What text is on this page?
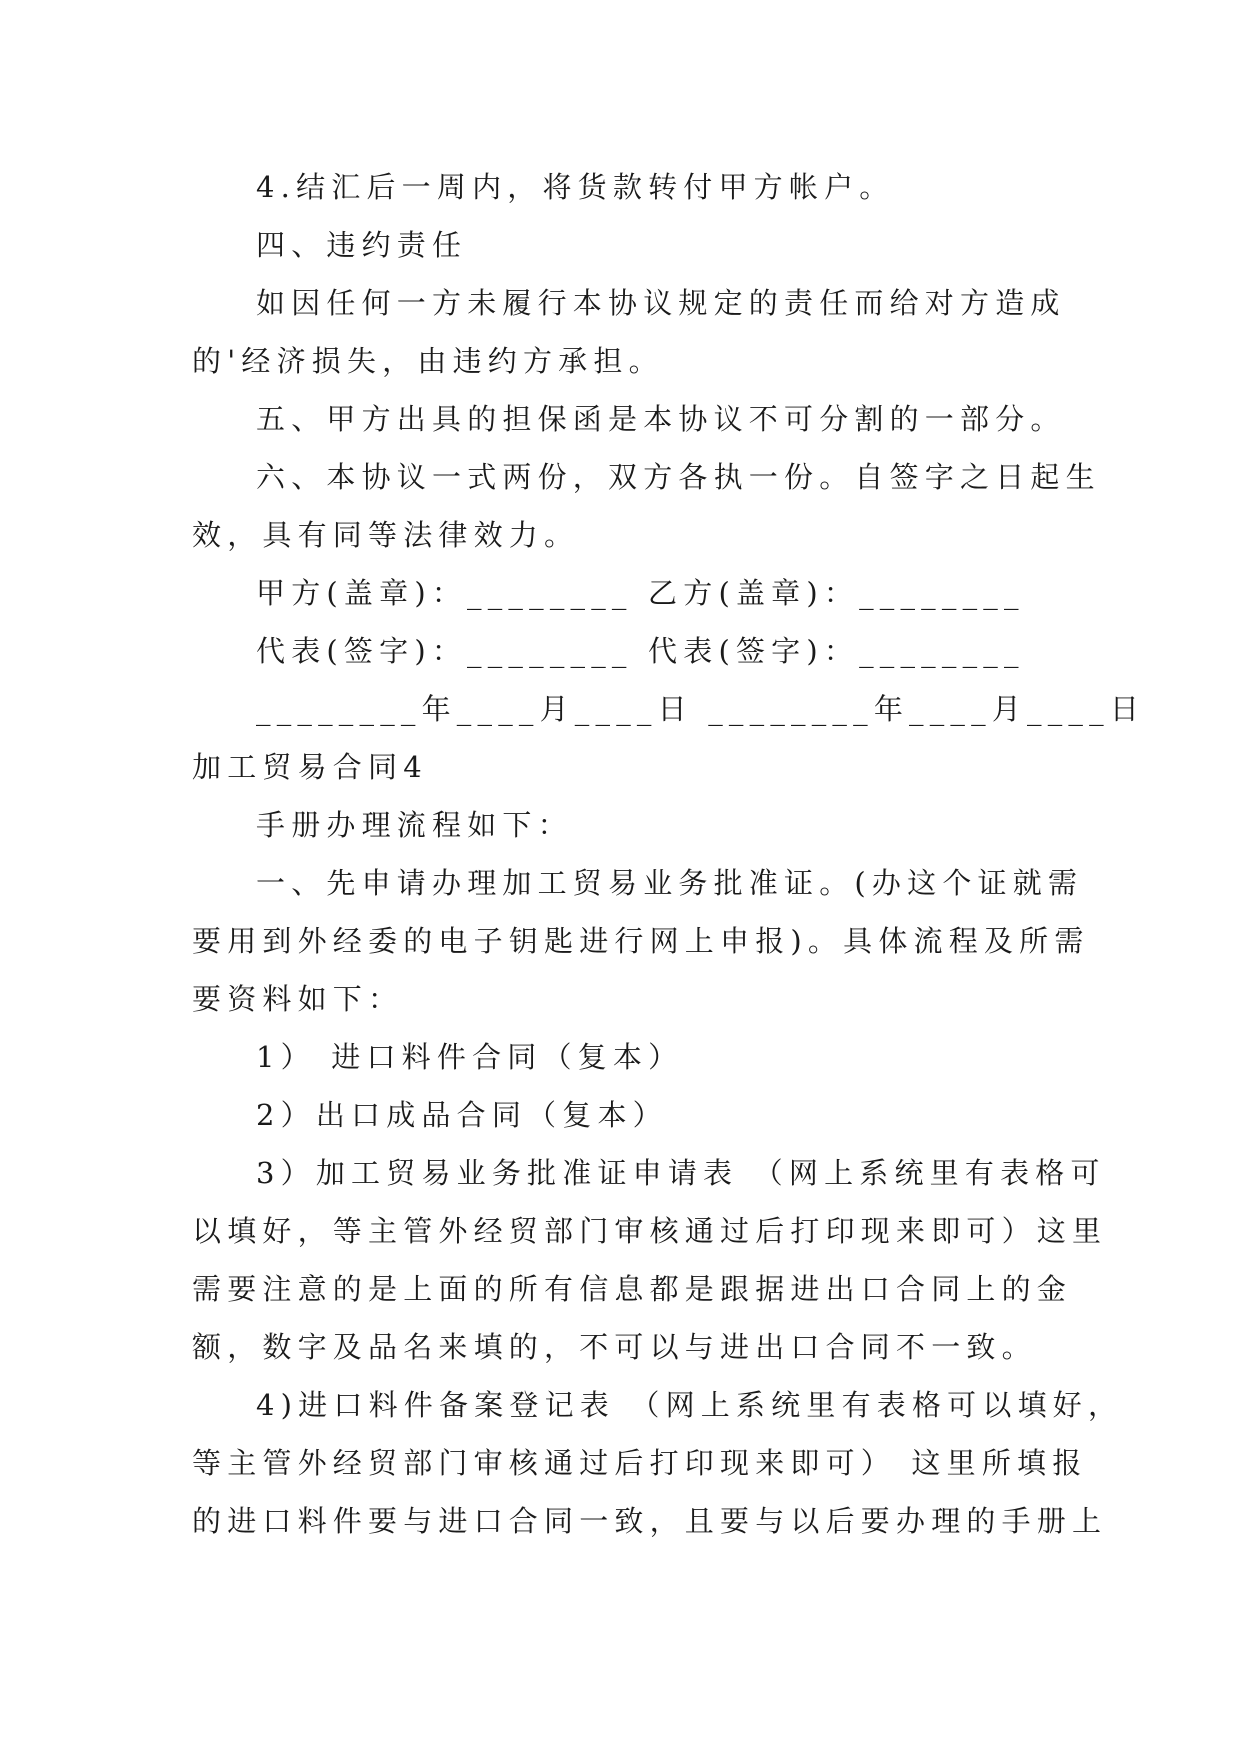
4.结汇后一周内，将货款转付甲方帐户。
四、违约责任
如因任何一方未履行本协议规定的责任而给对方造成
的'经济损失，由违约方承担。
五、甲方出具的担保函是本协议不可分割的一部分。
六、本协议一式两份，双方各执一份。自签字之日起生
效，具有同等法律效力。
甲方(盖章)：________ 乙方(盖章)：________
代表(签字)：________ 代表(签字)：________
________年____月____日 ________年____月____日
加工贸易合同4
手册办理流程如下：
一、先申请办理加工贸易业务批准证。(办这个证就需
要用到外经委的电子钥匙进行网上申报)。具体流程及所需
要资料如下：
1） 进口料件合同（复本）
2）出口成品合同（复本）
3）加工贸易业务批准证申请表 （网上系统里有表格可
以填好，等主管外经贸部门审核通过后打印现来即可）这里
需要注意的是上面的所有信息都是跟据进出口合同上的金
额，数字及品名来填的，不可以与进出口合同不一致。
4)进口料件备案登记表 （网上系统里有表格可以填好，
等主管外经贸部门审核通过后打印现来即可） 这里所填报
的进口料件要与进口合同一致，且要与以后要办理的手册上
